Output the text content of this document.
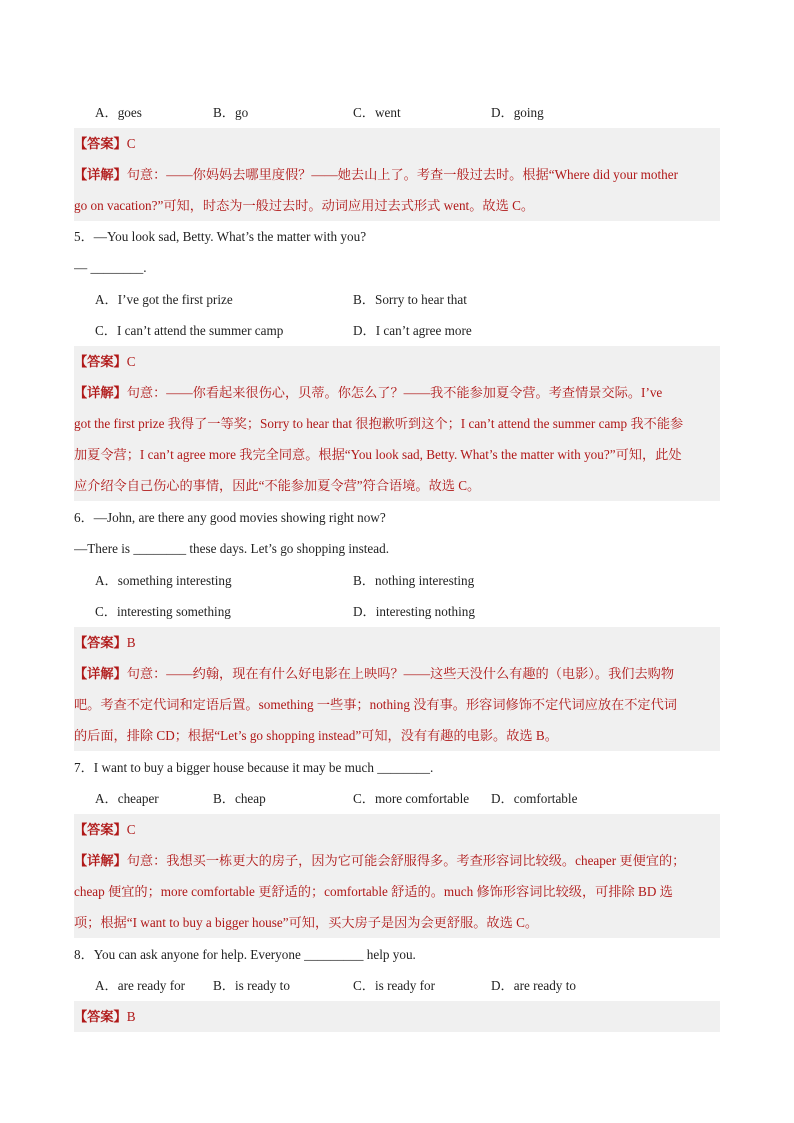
A．goes	B．go	C．went	D．going
【答案】C
【详解】句意：——你妈妈去哪里度假？——她去山上了。考查一般过去时。根据“Where did your mother
go on vacation?”可知，时态为一般过去时。动词应用过去式形式 went。故选 C。
5．—You look sad, Betty. What’s the matter with you?
— ________.
A．I’ve got the first prize	B．Sorry to hear that
C．I can’t attend the summer camp	D．I can’t agree more
【答案】C
【详解】句意：——你看起来很伤心，贝蒂。你怎么了？——我不能参加夏令营。考查情景交际。I’ve
got the first prize 我得了一等奖；Sorry to hear that 很抱歉听到这个；I can’t attend the summer camp 我不能参
加夏令营；I can’t agree more 我完全同意。根据“You look sad, Betty. What’s the matter with you?”可知，此处
应介绍令自己伤心的事情，因此“不能参加夏令营”符合语境。故选 C。
6．—John, are there any good movies showing right now?
—There is ________ these days. Let’s go shopping instead.
A．something interesting	B．nothing interesting
C．interesting something	D．interesting nothing
【答案】B
【详解】句意：——约翰，现在有什么好电影在上映吗？——这些天没什么有趣的（电影）。我们去购物
吧。考查不定代词和定语后置。something 一些事；nothing 没有事。形容词修饰不定代词应放在不定代词
的后面，排除 CD；根据“Let’s go shopping instead”可知，没有有趣的电影。故选 B。
7．I want to buy a bigger house because it may be much ________.
A．cheaper	B．cheap	C．more comfortable D．comfortable
【答案】C
【详解】句意：我想买一栋更大的房子，因为它可能会舒服得多。考查形容词比较级。cheaper 更便宜的；
cheap 便宜的；more comfortable 更舒适的；comfortable 舒适的。much 修饰形容词比较级，可排除 BD 选
项；根据“I want to buy a bigger house”可知，买大房子是因为会更舒服。故选 C。
8．You can ask anyone for help. Everyone _________ help you.
A．are ready for B．is ready to	C．is ready for	D．are ready to
【答案】B
